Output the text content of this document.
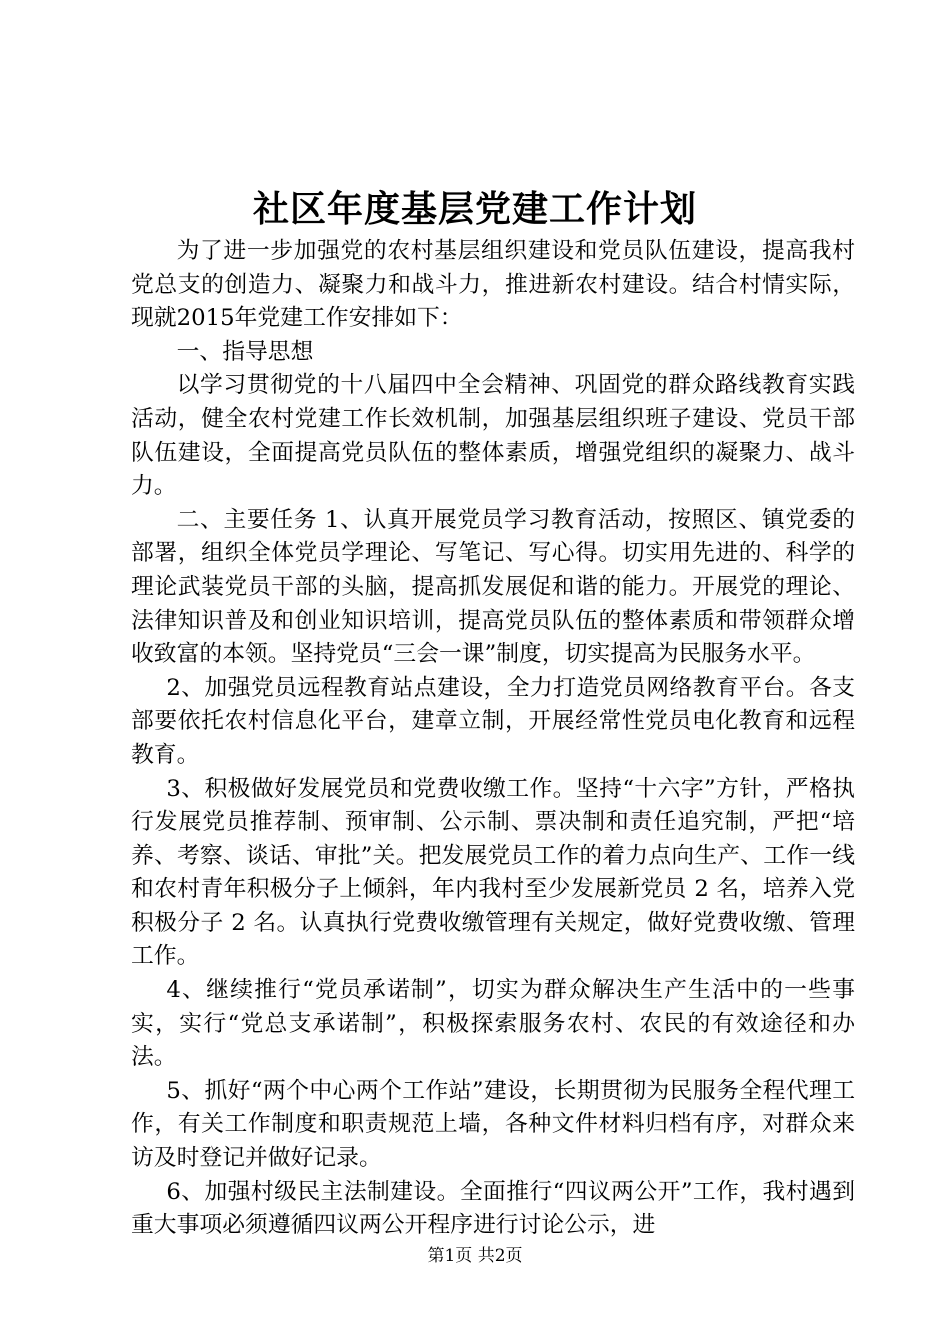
社区年度基层党建工作计划

为了进一步加强党的农村基层组织建设和党员队伍建设，提高我村党总支的创造力、凝聚力和战斗力，推进新农村建设。结合村情实际，现就2015年党建工作安排如下：

一、指导思想

以学习贯彻党的十八届四中全会精神、巩固党的群众路线教育实践活动，健全农村党建工作长效机制，加强基层组织班子建设、党员干部队伍建设，全面提高党员队伍的整体素质，增强党组织的凝聚力、战斗力。

二、主要任务 1、认真开展党员学习教育活动，按照区、镇党委的部署，组织全体党员学理论、写笔记、写心得。切实用先进的、科学的理论武装党员干部的头脑，提高抓发展促和谐的能力。开展党的理论、法律知识普及和创业知识培训，提高党员队伍的整体素质和带领群众增收致富的本领。坚持党员“三会一课”制度，切实提高为民服务水平。

2、加强党员远程教育站点建设，全力打造党员网络教育平台。各支部要依托农村信息化平台，建章立制，开展经常性党员电化教育和远程教育。

3、积极做好发展党员和党费收缴工作。坚持“十六字”方针，严格执行发展党员推荐制、预审制、公示制、票决制和责任追究制，严把“培养、考察、谈话、审批”关。把发展党员工作的着力点向生产、工作一线和农村青年积极分子上倾斜，年内我村至少发展新党员 2 名，培养入党积极分子 2 名。认真执行党费收缴管理有关规定，做好党费收缴、管理工作。

4、继续推行“党员承诺制”，切实为群众解决生产生活中的一些事实，实行“党总支承诺制”，积极探索服务农村、农民的有效途径和办法。

5、抓好“两个中心两个工作站”建设，长期贯彻为民服务全程代理工作，有关工作制度和职责规范上墙，各种文件材料归档有序，对群众来访及时登记并做好记录。

6、加强村级民主法制建设。全面推行“四议两公开”工作，我村遇到重大事项必须遵循四议两公开程序进行讨论公示，进

第1页 共2页
